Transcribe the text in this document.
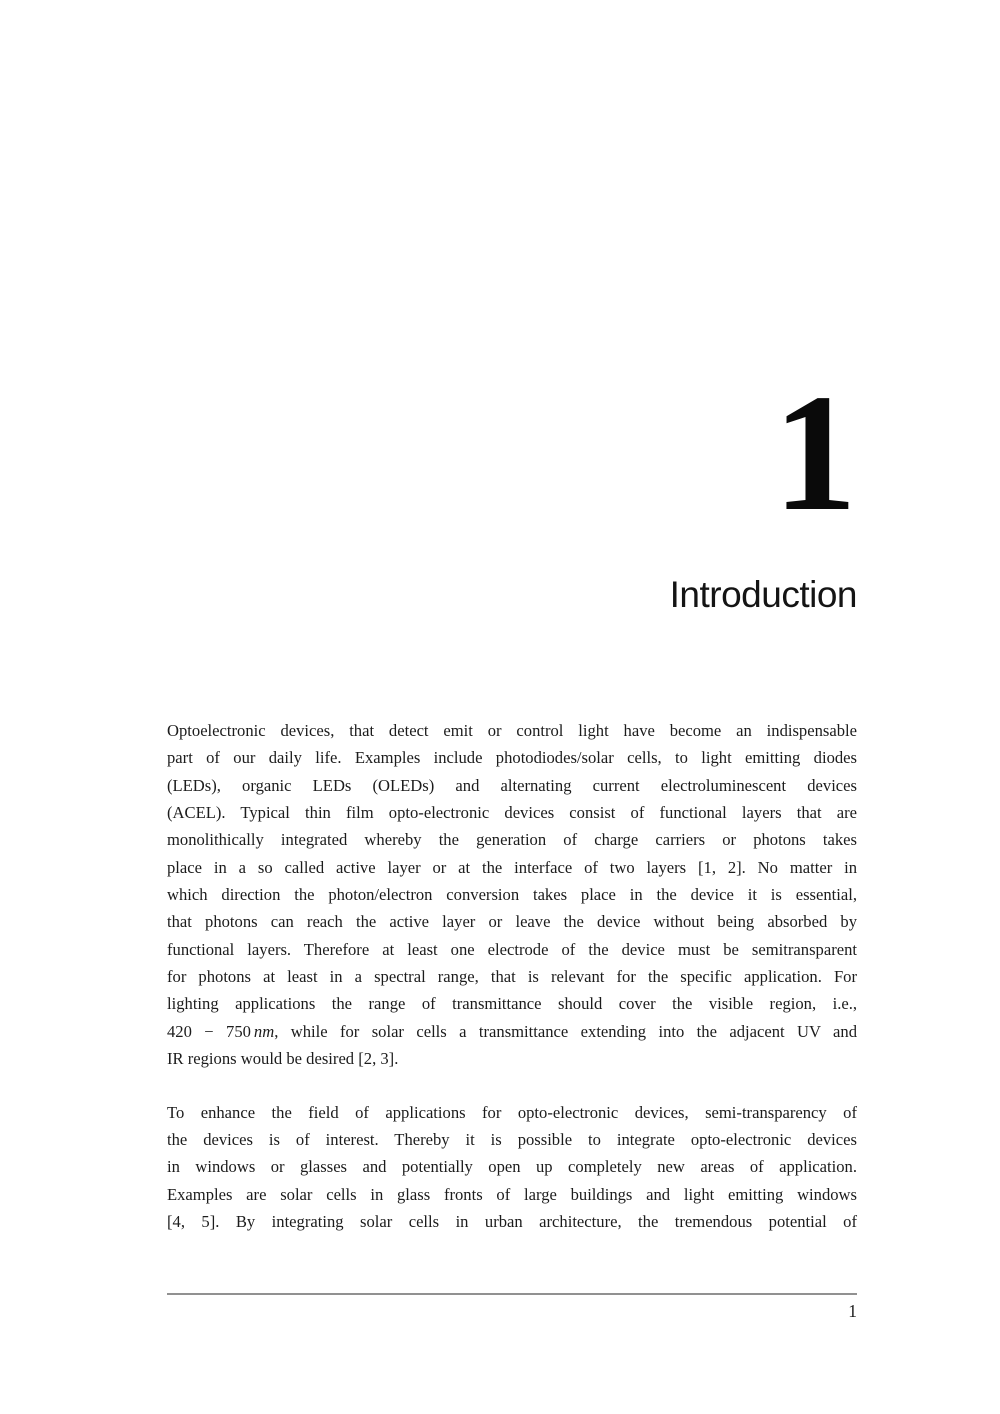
1
Introduction
Optoelectronic devices, that detect emit or control light have become an indispensable
part of our daily life. Examples include photodiodes/solar cells, to light emitting diodes
(LEDs), organic LEDs (OLEDs) and alternating current electroluminescent devices
(ACEL). Typical thin film opto-electronic devices consist of functional layers that are
monolithically integrated whereby the generation of charge carriers or photons takes
place in a so called active layer or at the interface of two layers [1, 2]. No matter in
which direction the photon/electron conversion takes place in the device it is essential,
that photons can reach the active layer or leave the device without being absorbed by
functional layers. Therefore at least one electrode of the device must be semitransparent
for photons at least in a spectral range, that is relevant for the specific application. For
lighting applications the range of transmittance should cover the visible region, i.e.,
420 − 750 nm, while for solar cells a transmittance extending into the adjacent UV and
IR regions would be desired [2, 3].
To enhance the field of applications for opto-electronic devices, semi-transparency of
the devices is of interest. Thereby it is possible to integrate opto-electronic devices
in windows or glasses and potentially open up completely new areas of application.
Examples are solar cells in glass fronts of large buildings and light emitting windows
[4, 5]. By integrating solar cells in urban architecture, the tremendous potential of
1
